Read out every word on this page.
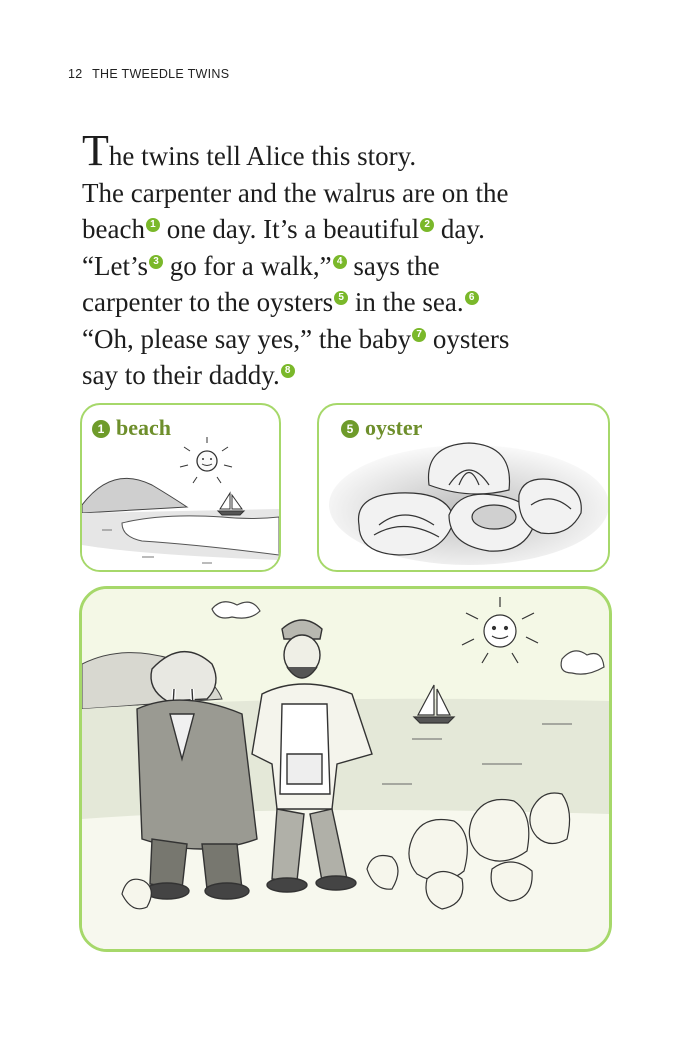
12 THE TWEEDLE TWINS
The twins tell Alice this story.
The carpenter and the walrus are on the
beach 1 one day. It’s a beautiful 2 day.
“Let’s 3 go for a walk,” 4 says the
carpenter to the oysters 5 in the sea. 6
“Oh, please say yes,” the baby 7 oysters
say to their daddy. 8
1 beach	5 oyster
